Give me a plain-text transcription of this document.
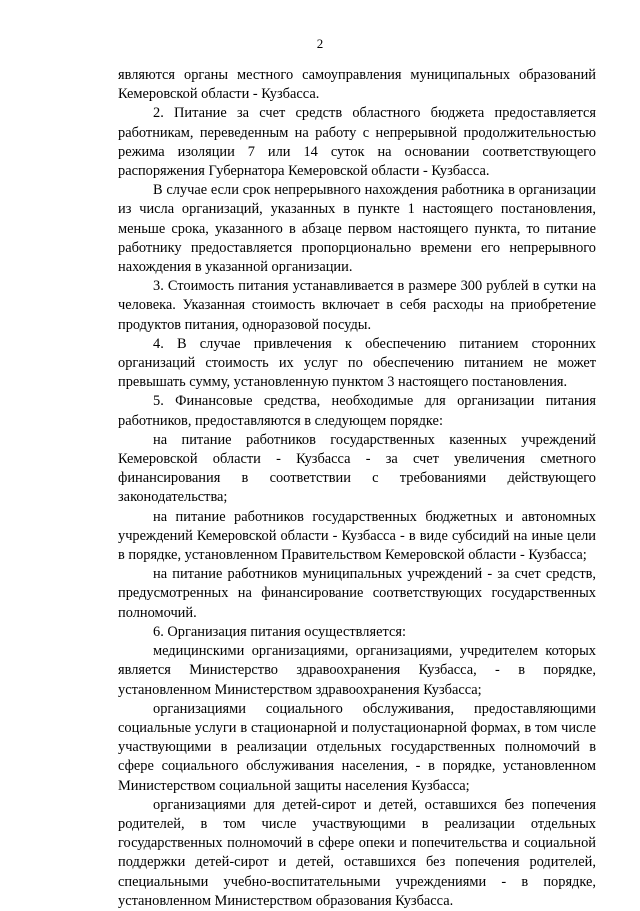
2

являются органы местного самоуправления муниципальных образований Кемеровской области - Кузбасса.

2. Питание за счет средств областного бюджета предоставляется работникам, переведенным на работу с непрерывной продолжительностью режима изоляции 7 или 14 суток на основании соответствующего распоряжения Губернатора Кемеровской области - Кузбасса.

В случае если срок непрерывного нахождения работника в организации из числа организаций, указанных в пункте 1 настоящего постановления, меньше срока, указанного в абзаце первом настоящего пункта, то питание работнику предоставляется пропорционально времени его непрерывного нахождения в указанной организации.

3. Стоимость питания устанавливается в размере 300 рублей в сутки на человека. Указанная стоимость включает в себя расходы на приобретение продуктов питания, одноразовой посуды.

4. В случае привлечения к обеспечению питанием сторонних организаций стоимость их услуг по обеспечению питанием не может превышать сумму, установленную пунктом 3 настоящего постановления.

5. Финансовые средства, необходимые для организации питания работников, предоставляются в следующем порядке:

на питание работников государственных казенных учреждений Кемеровской области - Кузбасса - за счет увеличения сметного финансирования в соответствии с требованиями действующего законодательства;

на питание работников государственных бюджетных и автономных учреждений Кемеровской области - Кузбасса - в виде субсидий на иные цели в порядке, установленном Правительством Кемеровской области - Кузбасса;

на питание работников муниципальных учреждений - за счет средств, предусмотренных на финансирование соответствующих государственных полномочий.

6. Организация питания осуществляется:

медицинскими организациями, организациями, учредителем которых является Министерство здравоохранения Кузбасса, - в порядке, установленном Министерством здравоохранения Кузбасса;

организациями социального обслуживания, предоставляющими социальные услуги в стационарной и полустационарной формах, в том числе участвующими в реализации отдельных государственных полномочий в сфере социального обслуживания населения, - в порядке, установленном Министерством социальной защиты населения Кузбасса;

организациями для детей-сирот и детей, оставшихся без попечения родителей, в том числе участвующими в реализации отдельных государственных полномочий в сфере опеки и попечительства и социальной поддержки детей-сирот и детей, оставшихся без попечения родителей, специальными учебно-воспитательными учреждениями - в порядке, установленном Министерством образования Кузбасса.
